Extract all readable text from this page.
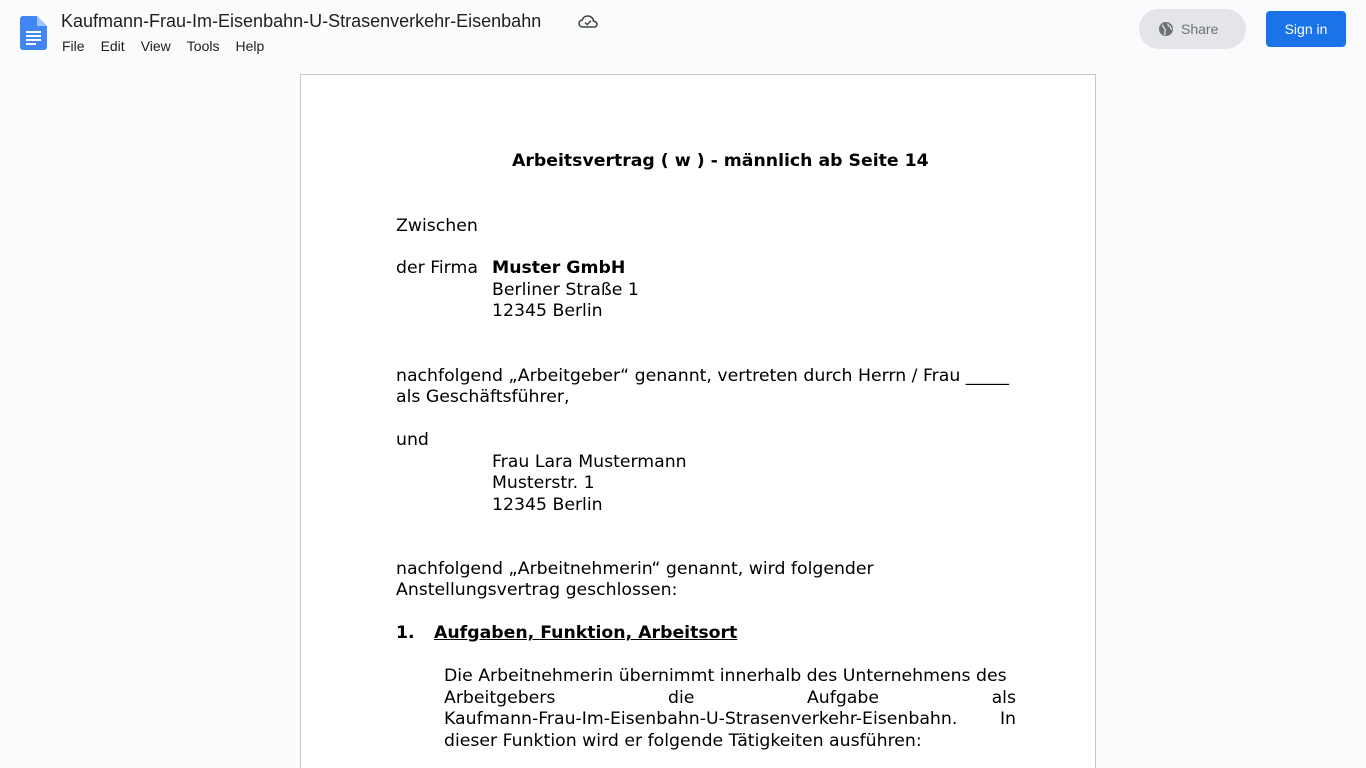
Kaufmann-Frau-Im-Eisenbahn-U-Strasenverkehr-Eisenbahn
File	Edit	View	Tools	Help
Share	Sign in
Arbeitsvertrag ( w ) - männlich ab Seite 14
Zwischen
der Firma Muster GmbH
Berliner Straße 1
12345 Berlin
nachfolgend „Arbeitgeber“ genannt, vertreten durch Herrn / Frau _____
als Geschäftsführer,
und
Frau Lara Mustermann
Musterstr. 1
12345 Berlin
nachfolgend „Arbeitnehmerin“ genannt, wird folgender
Anstellungsvertrag geschlossen:
1. Aufgaben, Funktion, Arbeitsort
Die Arbeitnehmerin übernimmt innerhalb des Unternehmens des
Arbeitgebers	die	Aufgabe	als
Kaufmann-Frau-Im-Eisenbahn-U-Strasenverkehr-Eisenbahn. In
dieser Funktion wird er folgende Tätigkeiten ausführen:
